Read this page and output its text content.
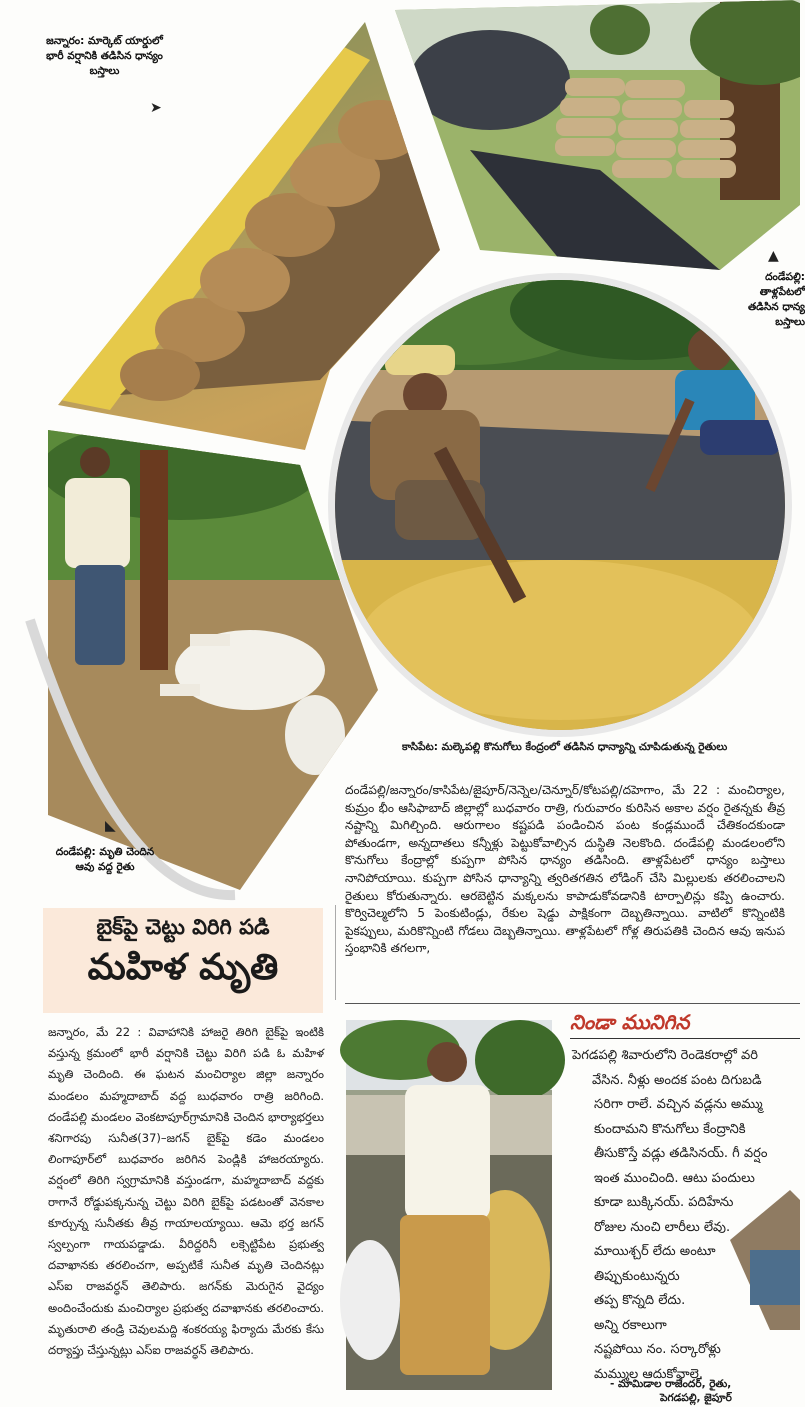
జన్నారం: మార్కెట్ యార్డులో భారీ వర్షానికి తడిసిన ధాన్యం బస్తాలు
➤
▲
దండేపల్లి: తాళ్లపేటలో తడిసిన ధాన్య బస్తాలు
కాసిపేట: మల్కెపల్లి కొనుగోలు కేంద్రంలో తడిసిన ధాన్యాన్ని చూపిడుతున్న రైతులు
◣
దండేపల్లి: మృతి చెందిన ఆవు వద్ద రైతు
దండేపల్లి/జన్నారం/కాసిపేట/జైపూర్/నెన్నెల/చెన్నూర్/కోటపల్లి/దహెగాం, మే 22 : మంచిర్యాల, కుమ్రం భీం ఆసిఫాబాద్ జిల్లాల్లో బుధవారం రాత్రి, గురువారం కురిసిన అకాల వర్షం రైతన్నకు తీవ్ర నష్టాన్ని మిగిల్చింది. ఆరుగాలం కష్టపడి పండించిన పంట కండ్లముందే చేతికందకుండా పోతుండగా, అన్నదాతలు కన్నీళ్లు పెట్టుకోవాల్సిన దుస్థితి నెలకొంది. దండేపల్లి మండలంలోని కొనుగోలు కేంద్రాల్లో కుప్పగా పోసిన ధాన్యం తడిసింది. తాళ్లపేటలో ధాన్యం బస్తాలు నానిపోయాయి. కుప్పగా పోసిన ధాన్యాన్ని త్వరితగతిన లోడింగ్ చేసి మిల్లులకు తరలించాలని రైతులు కోరుతున్నారు. ఆరబెట్టిన మక్కలను కాపాడుకోవడానికి టార్పాలిన్లు కప్పి ఉంచారు. కొర్విచెల్మలోని 5 పెంకుటిండ్లు, రేకుల షెడ్డు పాక్షికంగా దెబ్బతిన్నాయి. వాటిలో కొన్నింటికి పైకప్పులు, మరికొన్నింటి గోడలు దెబ్బతిన్నాయి. తాళ్లపేటలో గోళ్ల తిరుపతికి చెందిన ఆవు ఇనుప స్తంభానికి తగలగా,
బైక్‌పై చెట్టు విరిగి పడి
మహిళ మృతి
జన్నారం, మే 22 : వివాహానికి హాజరై తిరిగి బైక్‌పై ఇంటికి వస్తున్న క్రమంలో భారీ వర్షానికి చెట్టు విరిగి పడి ఓ మహిళ మృతి చెందింది. ఈ ఘటన మంచిర్యాల జిల్లా జన్నారం మండలం మహ్మదాబాద్ వద్ద బుధవారం రాత్రి జరిగింది. దండేపల్లి మండలం వెంకటాపూర్‌గ్రామానికి చెందిన భార్యాభర్తలు శనిగారపు సునీత(37)–జగన్ బైక్‌పై కడెం మండలం లింగాపూర్‌లో బుధవారం జరిగిన పెండ్లికి హాజరయ్యారు. వర్షంలో తిరిగి స్వగ్రామానికి వస్తుండగా, మహ్మదాబాద్ వద్దకు రాగానే రోడ్డుపక్కనున్న చెట్టు విరిగి బైక్‌పై పడటంతో వెనకాల కూర్చున్న సునీతకు తీవ్ర గాయాలయ్యాయి. ఆమె భర్త జగన్ స్వల్పంగా గాయపడ్డాడు. వీరిద్దరినీ లక్సెట్టిపేట ప్రభుత్వ దవాఖానకు తరలించగా, అప్పటికే సునీత మృతి చెందినట్లు ఎస్ఐ రాజవర్ధన్ తెలిపారు. జగన్‌కు మెరుగైన వైద్యం అందించేందుకు మంచిర్యాల ప్రభుత్వ దవాఖానకు తరలించారు. మృతురాలి తండ్రి చెవులమద్ది శంకరయ్య ఫిర్యాదు మేరకు కేసు దర్యాప్తు చేస్తున్నట్లు ఎస్ఐ రాజవర్ధన్ తెలిపారు.
నిండా మునిగిన
పెగడపల్లి శివారులోని రెండెకరాల్లో వరి
వేసిన. నీళ్లు అందక పంట దిగుబడి
సరిగా రాలే. వచ్చిన వడ్లను అమ్ము
కుందామని కొనుగోలు కేంద్రానికి
తీసుకొస్తే వడ్లు తడిసినయ్. గీ వర్షం
ఇంత ముంచింది. ఆటు పందులు
కూడా బుక్కినయ్. పదిహేను
రోజుల నుంచి లారీలు లేవు.
మాయిశ్చర్ లేదు అంటూ
తిప్పుకుంటున్నరు
తప్ప కొన్నది లేదు.
అన్ని రకాలుగా
నష్టపోయి నం. సర్కారోళ్లు
మమ్ముల ఆదుకోవాలె.
- మామిడాల రాజేందర్, రైతు,
పెగడపల్లి, జైపూర్
